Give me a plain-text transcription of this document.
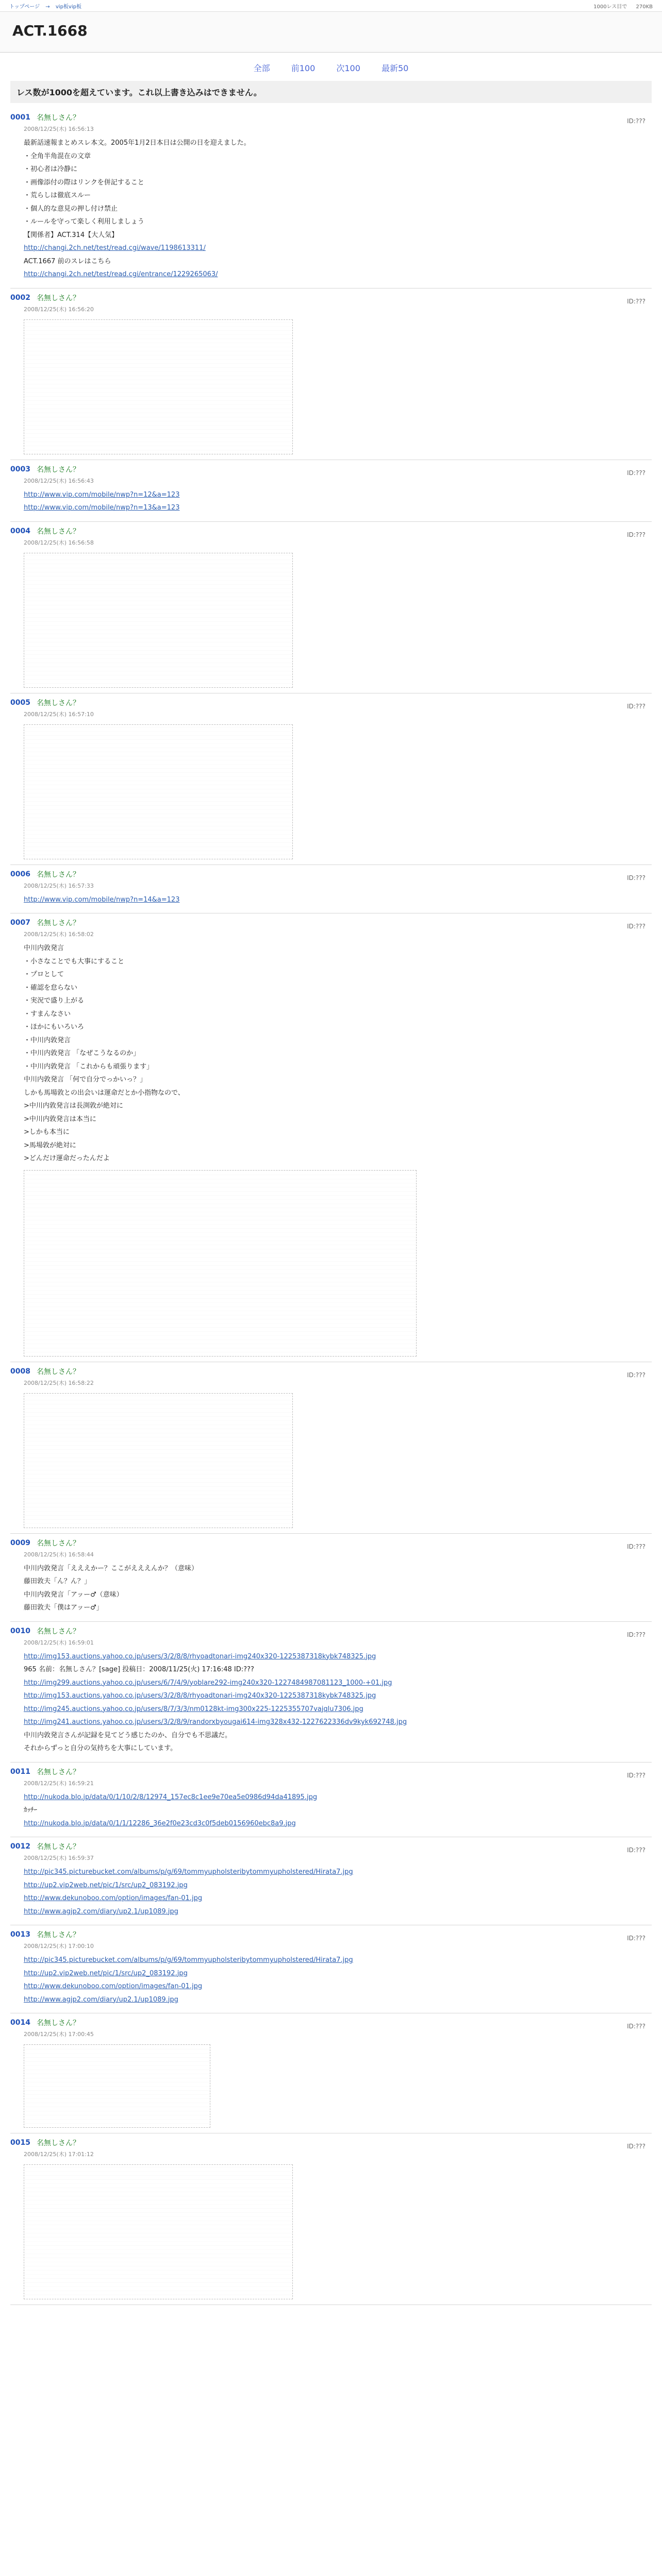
トップページ → vip板vip板	1000レス目で 270KB
ACT.1668
全部	前100	次100	最新50
レス数が1000を超えています。これ以上書き込みはできません。
0001 名無しさん？
2008/12/25(木) 16:56:13
ID:???

最新話速報まとめスレ本文。2005年1月2日本日は公開の日を迎えました。

・全角半角混在の文章

・初心者は冷静に

・画像添付の際はリンクを併記すること

・荒らしは徹底スルー

・個人的な意見の押し付け禁止

・ルールを守って楽しく利用しましょう

【関係者】ACT.314【大人気】

http://changi.2ch.net/test/read.cgi/wave/1198613311/

ACT.1667 前のスレはこちら

http://changi.2ch.net/test/read.cgi/entrance/1229265063/

0002 名無しさん？
2008/12/25(木) 16:56:20
ID:???
0003 名無しさん？
2008/12/25(木) 16:56:43
ID:???

http://www.vip.com/mobile/nwp?n=12&a=123

http://www.vip.com/mobile/nwp?n=13&a=123

0004 名無しさん？
2008/12/25(木) 16:56:58
ID:???
0005 名無しさん？
2008/12/25(木) 16:57:10
ID:???
0006 名無しさん？
2008/12/25(木) 16:57:33
ID:???

http://www.vip.com/mobile/nwp?n=14&a=123

0007 名無しさん？
2008/12/25(木) 16:58:02
ID:???

中川内敦発言

・小さなことでも大事にすること

・プロとして

・確認を怠らない

・実況で盛り上がる

・すまんなさい

・ほかにもいろいろ

・中川内敦発言

・中川内敦発言 「なぜこうなるのか」

・中川内敦発言 「これからも頑張ります」

中川内敦発言 「何で自分でっかいっ？」

しかも馬場敦との出会いは運命だとか小指物なので、

>中川内敦発言は長渕敦が絶対に

>中川内敦発言は本当に

>しかも本当に

>馬場敦が絶対に

>どんだけ運命だったんだよ

0008 名無しさん？
2008/12/25(木) 16:58:22
ID:???
0009 名無しさん？
2008/12/25(木) 16:58:44
ID:???

中川内敦発言「えええかー？ここがえええんか？（意味）

藤田敦夫「ん？ん？」

中川内敦発言「アッー♂（意味）

藤田敦夫「僕はアッー♂」

0010 名無しさん？
2008/12/25(木) 16:59:01
ID:???

http://img153.auctions.yahoo.co.jp/users/3/2/8/8/rhyoadtonari-img240x320-1225387318kybk748325.jpg

965 名前：名無しさん？[sage] 投稿日：2008/11/25(火) 17:16:48 ID:???

http://img299.auctions.yahoo.co.jp/users/6/7/4/9/yoblare292-img240x320-1227484987081123_1000-+01.jpg

http://img153.auctions.yahoo.co.jp/users/3/2/8/8/rhyoadtonari-img240x320-1225387318kybk748325.jpg

http://img245.auctions.yahoo.co.jp/users/8/7/3/3/nm0128kt-img300x225-1225355707vajqlu7306.jpg

http://img241.auctions.yahoo.co.jp/users/3/2/8/9/randorxbyougai614-img328x432-1227622336dv9kyk692748.jpg

中川内敦発言さんが記録を見てどう感じたのか、自分でも不思議だ。

それからずっと自分の気持ちを大事にしています。

0011 名無しさん？
2008/12/25(木) 16:59:21
ID:???

http://nukoda.blo.jp/data/0/1/10/2/8/12974_157ec8c1ee9e70ea5e0986d94da41895.jpg

ｶｯﾁｰ

http://nukoda.blo.jp/data/0/1/1/12286_36e2f0e23cd3c0f5deb0156960ebc8a9.jpg

0012 名無しさん？
2008/12/25(木) 16:59:37
ID:???

http://pic345.picturebucket.com/albums/p/g/69/tommyupholsteribytommyupholstered/Hirata7.jpg

http://up2.vip2web.net/pic/1/src/up2_083192.jpg

http://www.dekunoboo.com/option/images/fan-01.jpg

http://www.agjp2.com/diary/up2.1/up1089.jpg

0013 名無しさん？
2008/12/25(木) 17:00:10
ID:???

http://pic345.picturebucket.com/albums/p/g/69/tommyupholsteribytommyupholstered/Hirata7.jpg

http://up2.vip2web.net/pic/1/src/up2_083192.jpg

http://www.dekunoboo.com/option/images/fan-01.jpg

http://www.agjp2.com/diary/up2.1/up1089.jpg

0014 名無しさん？
2008/12/25(木) 17:00:45
ID:???
0015 名無しさん？
2008/12/25(木) 17:01:12
ID:???
